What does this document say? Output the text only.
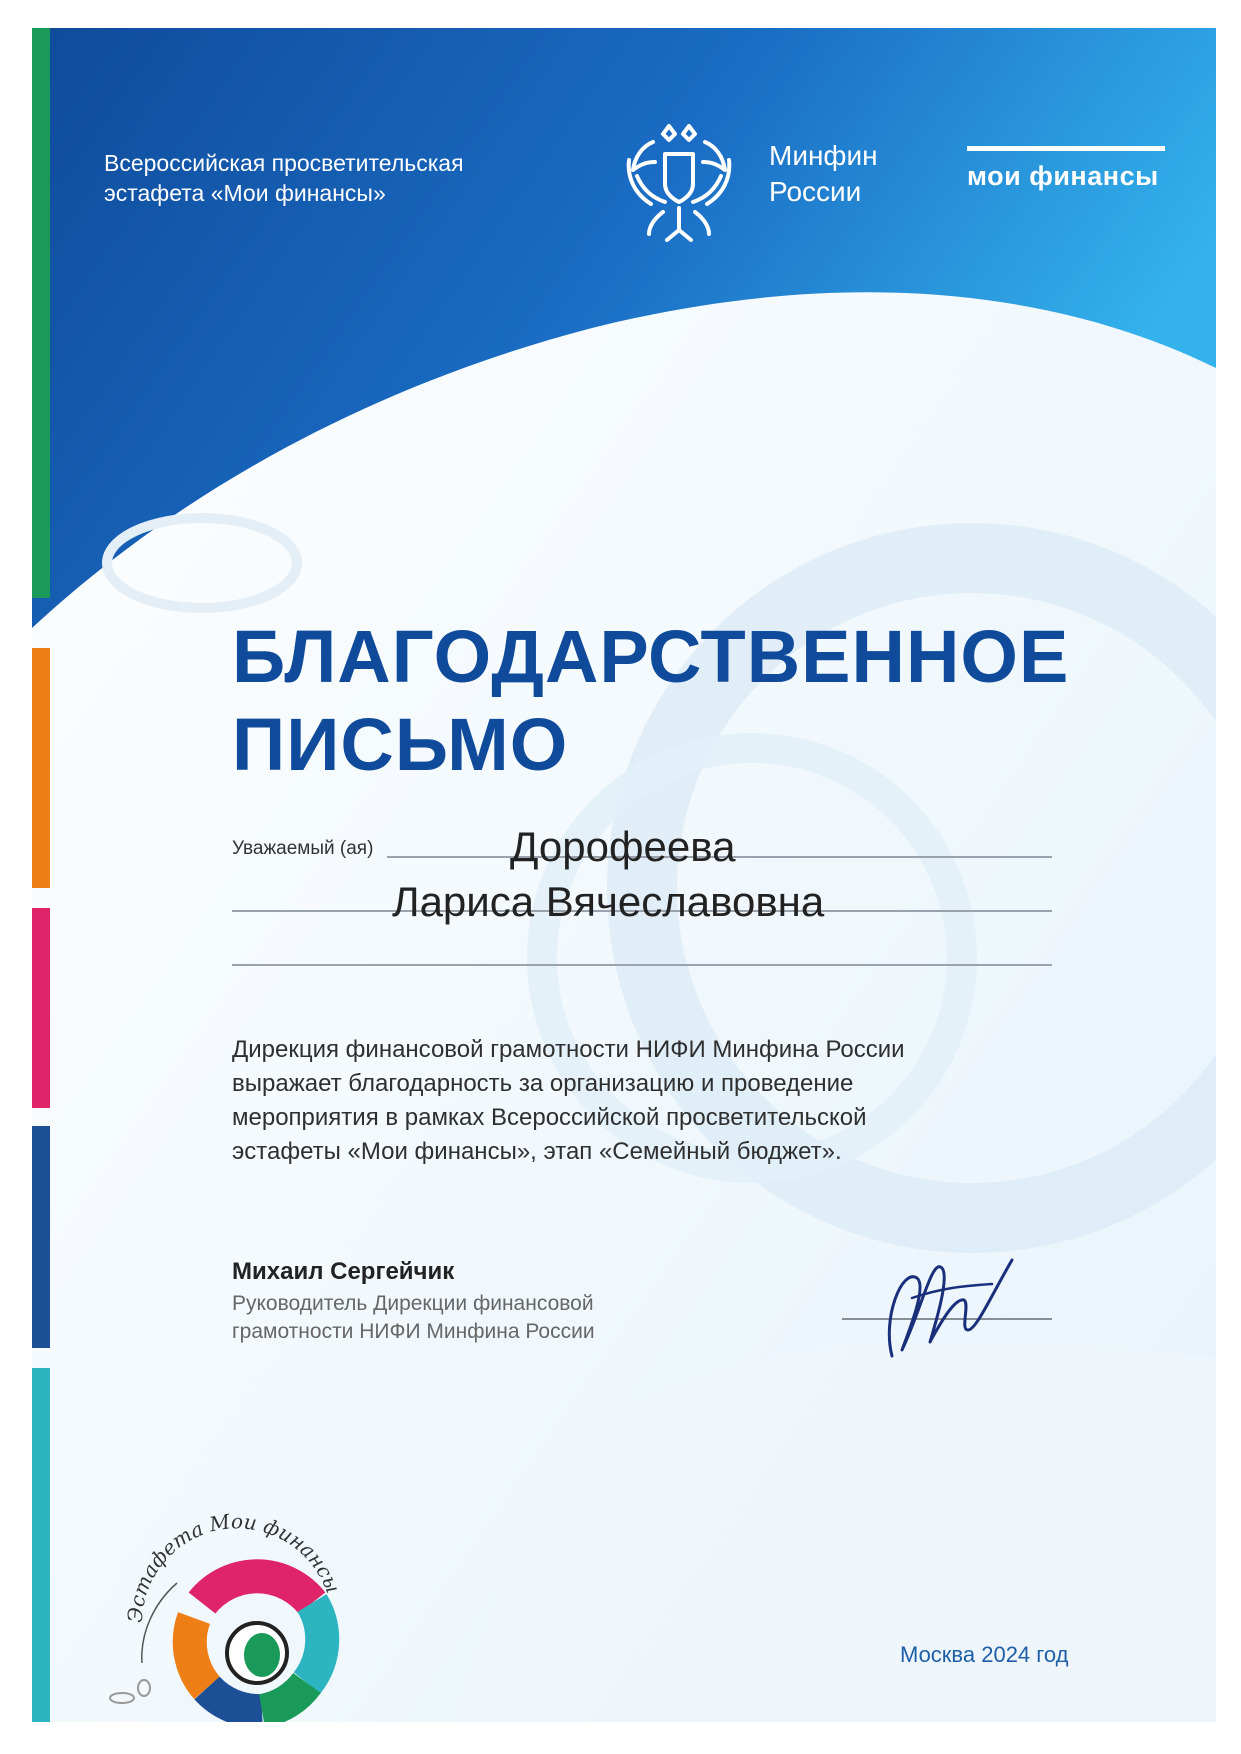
Всероссийская просветительская
эстафета «Мои финансы»
Минфин
России	мои финансы
БЛАГОДАРСТВЕННОЕ
ПИСЬМО
Уважаемый (ая)	Дорофеева
Лариса Вячеславовна
Дирекция финансовой грамотности НИФИ Минфина России
выражает благодарность за организацию и проведение
мероприятия в рамках Всероссийской просветительской
эстафеты «Мои финансы», этап «Семейный бюджет».
Михаил Сергейчик
Руководитель Дирекции финансовой
грамотности НИФИ Минфина России
Москва 2024 год
Эстафета Мои финансы
